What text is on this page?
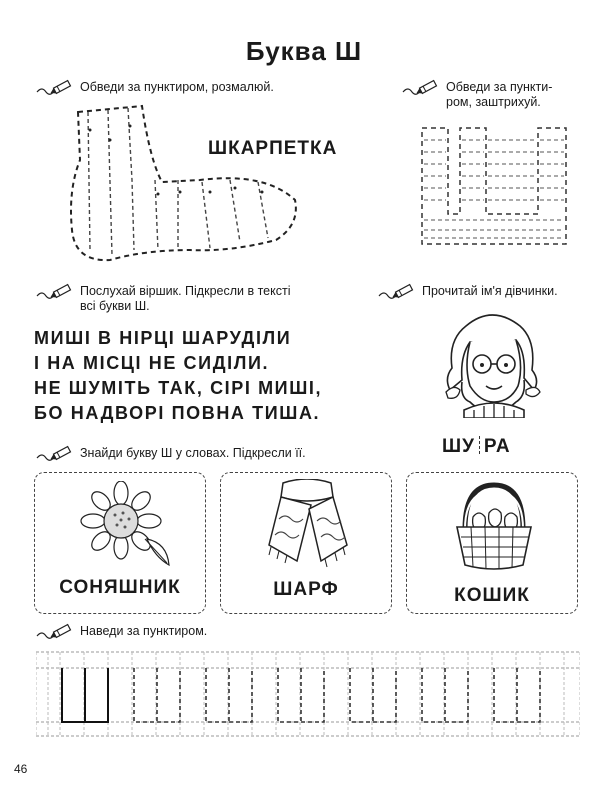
Буква Ш
Обведи за пунктиром, розмалюй.
ШКАРПЕТКА
Обведи за пункти-
ром, заштрихуй.
Послухай віршик. Підкресли в тексті
всі букви Ш.
МИШІ В НІРЦІ ШАРУДІЛИ
І НА МІСЦІ НЕ СИДІЛИ.
НЕ ШУМІТЬ ТАК, СІРІ МИШІ,
БО НАДВОРІ ПОВНА ТИША.
Прочитай ім'я дівчинки.
ШУ РА
Знайди букву Ш у словах. Підкресли її.
СОНЯШНИК	ШАРФ	КОШИК
Наведи за пунктиром.
46
